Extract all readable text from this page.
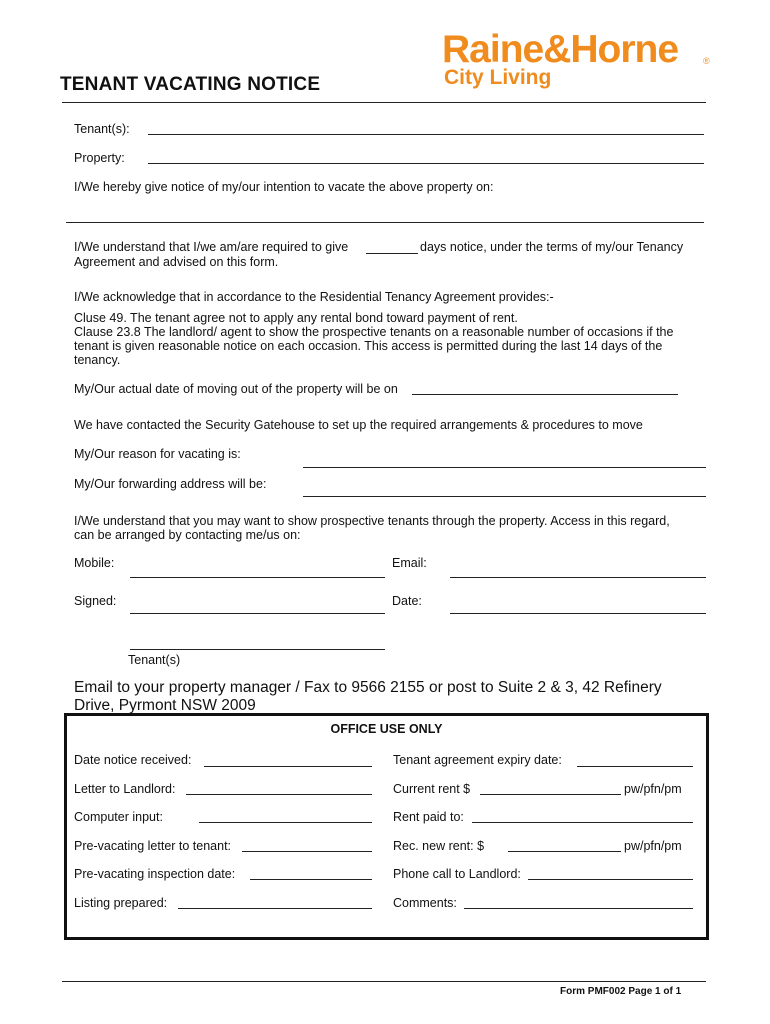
TENANT VACATING NOTICE
Raine&Horne	®
City Living
Tenant(s):
Property:
I/We hereby give notice of my/our intention to vacate the above property on:
I/We understand that I/we am/are required to give	days notice, under the terms of my/our Tenancy
Agreement and advised on this form.
I/We acknowledge that in accordance to the Residential Tenancy Agreement provides:-
Cluse 49. The tenant agree not to apply any rental bond toward payment of rent.
Clause 23.8 The landlord/ agent to show the prospective tenants on a reasonable number of occasions if the
tenant is given reasonable notice on each occasion. This access is permitted during the last 14 days of the
tenancy.
My/Our actual date of moving out of the property will be on
We have contacted the Security Gatehouse to set up the required arrangements & procedures to move
My/Our reason for vacating is:
My/Our forwarding address will be:
I/We understand that you may want to show prospective tenants through the property. Access in this regard,
can be arranged by contacting me/us on:
Mobile:	Email:
Signed:	Date:
Tenant(s)
Email to your property manager / Fax to 9566 2155 or post to Suite 2 & 3, 42 Refinery
Drive, Pyrmont NSW 2009
OFFICE USE ONLY
Date notice received:	Tenant agreement expiry date:
Letter to Landlord:	Current rent $	pw/pfn/pm
Computer input:	Rent paid to:
Pre-vacating letter to tenant:	Rec. new rent: $	pw/pfn/pm
Pre-vacating inspection date:	Phone call to Landlord:
Listing prepared:	Comments:
Form PMF002 Page 1 of 1
